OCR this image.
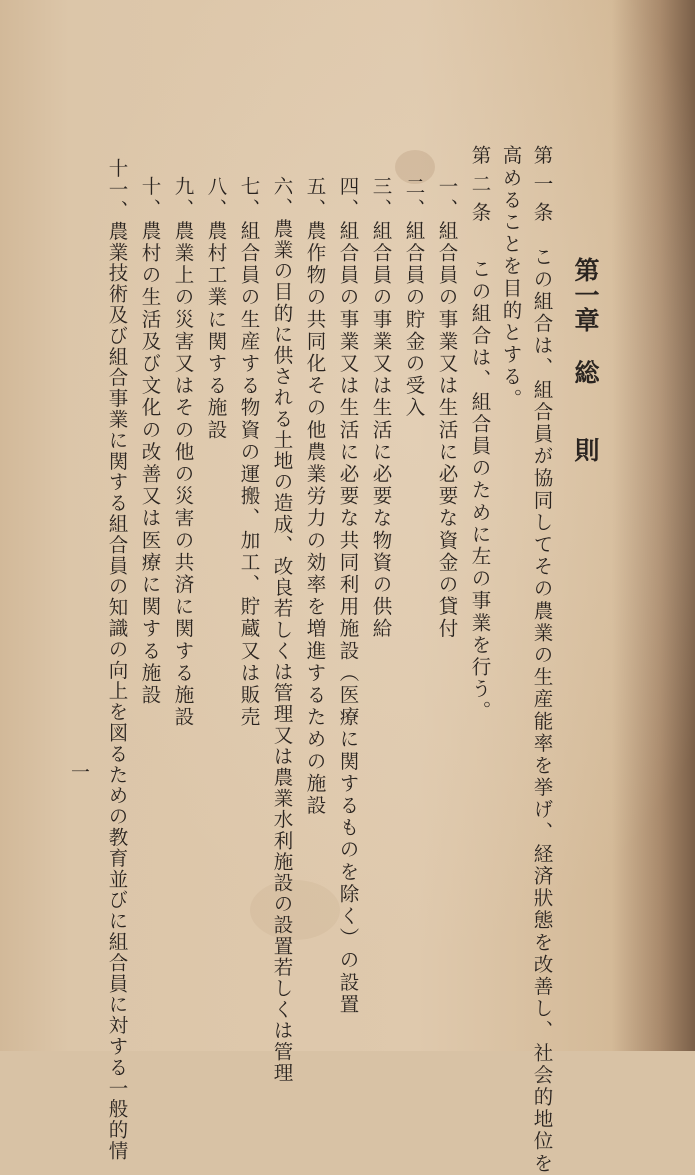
第一章総則
第一条この組合は、組合員が協同してその農業の生産能率を挙げ、経済狀態を改善し、社会的地位を
高めることを目的とする。
第二条この組合は、組合員のために左の事業を行う。
一、組合員の事業又は生活に必要な資金の貸付
二、組合員の貯金の受入
三、組合員の事業又は生活に必要な物資の供給
四、組合員の事業又は生活に必要な共同利用施設（医療に関するものを除く）の設置
五、農作物の共同化その他農業労力の効率を増進するための施設
六、農業の目的に供される土地の造成、改良若しくは管理又は農業水利施設の設置若しくは管理
七、組合員の生産する物資の運搬、加工、貯蔵又は販売
八、農村工業に関する施設
九、農業上の災害又はその他の災害の共済に関する施設
十、農村の生活及び文化の改善又は医療に関する施設
十一、農業技術及び組合事業に関する組合員の知識の向上を図るための教育並びに組合員に対する一般的情
一
